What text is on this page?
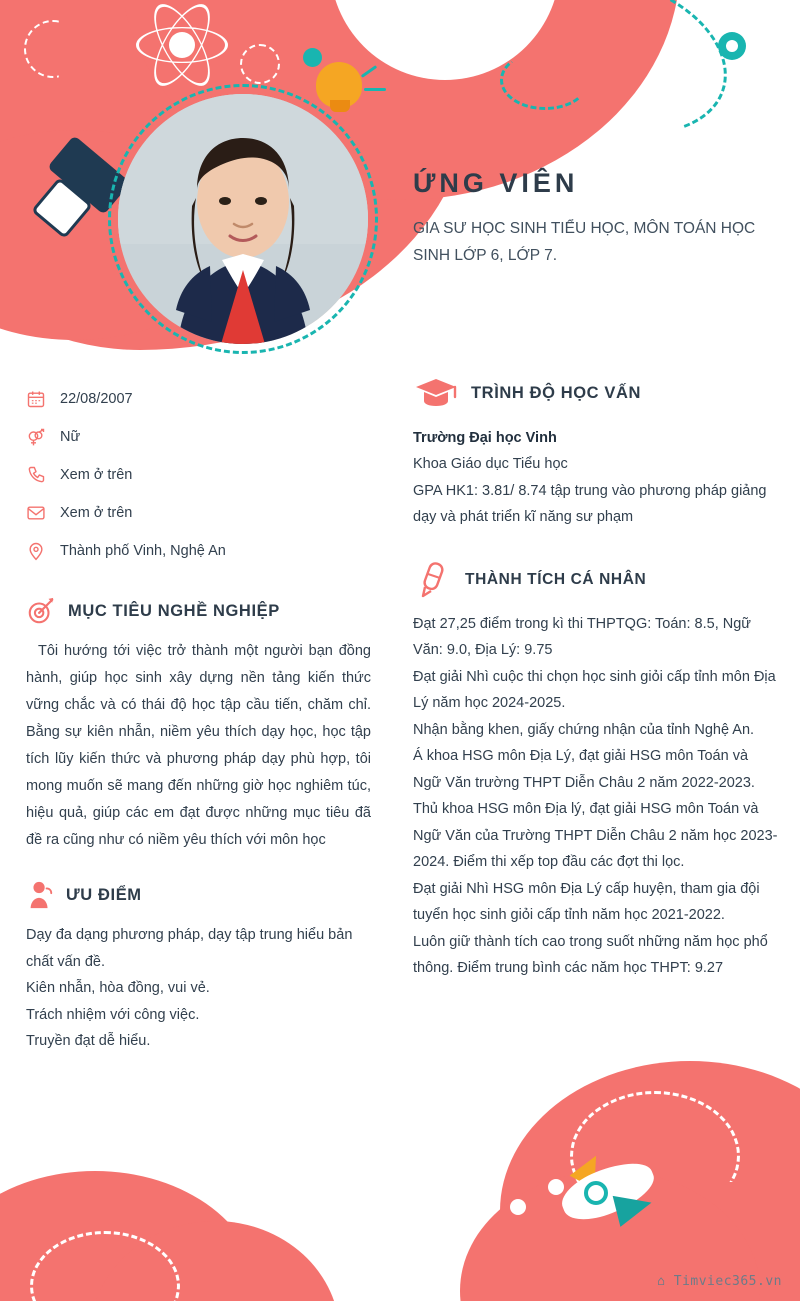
ỨNG VIÊN
GIA SƯ HỌC SINH TIỂU HỌC, MÔN TOÁN HỌC SINH LỚP 6, LỚP 7.
22/08/2007
Nữ
Xem ở trên
Xem ở trên
Thành phố Vinh, Nghệ An
MỤC TIÊU NGHỀ NGHIỆP
Tôi hướng tới việc trở thành một người bạn đồng hành, giúp học sinh xây dựng nền tảng kiến thức vững chắc và có thái độ học tập cầu tiến, chăm chỉ. Bằng sự kiên nhẫn, niềm yêu thích dạy học, học tập tích lũy kiến thức và phương pháp dạy phù hợp, tôi mong muốn sẽ mang đến những giờ học nghiêm túc, hiệu quả, giúp các em đạt được những mục tiêu đã đề ra cũng như có niềm yêu thích với môn học
ƯU ĐIỂM
Dạy đa dạng phương pháp, dạy tập trung hiểu bản chất vấn đề.
Kiên nhẫn, hòa đồng, vui vẻ.
Trách nhiệm với công việc.
Truyền đạt dễ hiểu.
TRÌNH ĐỘ HỌC VẤN
Trường Đại học Vinh
Khoa Giáo dục Tiểu học
GPA HK1: 3.81/ 8.74 tập trung vào phương pháp giảng dạy và phát triển kĩ năng sư phạm
THÀNH TÍCH CÁ NHÂN
Đạt 27,25 điểm trong kì thi THPTQG: Toán: 8.5, Ngữ Văn: 9.0, Địa Lý: 9.75
Đạt giải Nhì cuộc thi chọn học sinh giỏi cấp tỉnh môn Địa Lý năm học 2024-2025.
Nhận bằng khen, giấy chứng nhận của tỉnh Nghệ An.
Á khoa HSG môn Địa Lý, đạt giải HSG môn Toán và Ngữ Văn trường THPT Diễn Châu 2 năm 2022-2023.
Thủ khoa HSG môn Địa lý, đạt giải HSG môn Toán và Ngữ Văn của Trường THPT Diễn Châu 2 năm học 2023-2024. Điểm thi xếp top đầu các đợt thi lọc.
Đạt giải Nhì HSG môn Địa Lý cấp huyện, tham gia đội tuyển học sinh giỏi cấp tỉnh năm học 2021-2022.
Luôn giữ thành tích cao trong suốt những năm học phổ thông. Điểm trung bình các năm học THPT: 9.27
⌂ Timviec365.vn
